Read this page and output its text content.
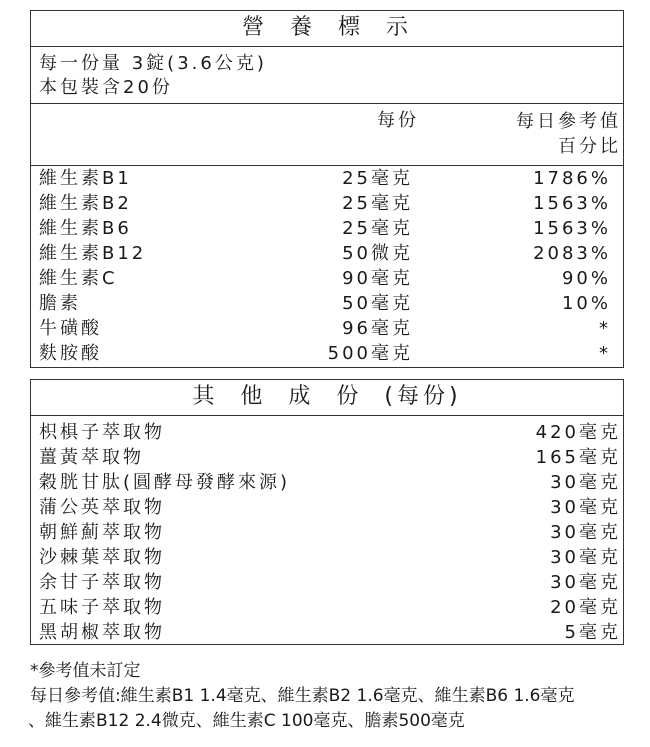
營  養  標  示
每一份量 3錠(3.6公克)
本包裝含20份
每份	每日參考值
百分比
維生素B1	25毫克	1786%
維生素B2	25毫克	1563%
維生素B6	25毫克	1563%
維生素B12	50微克	2083%
維生素C	90毫克	90%
膽素	50毫克	10%
牛磺酸	96毫克	*
麩胺酸	500毫克	*
其  他  成  份  (每份)
枳椇子萃取物	420毫克
薑黃萃取物	165毫克
穀胱甘肽(圓酵母發酵來源)	30毫克
蒲公英萃取物	30毫克
朝鮮薊萃取物	30毫克
沙棘葉萃取物	30毫克
余甘子萃取物	30毫克
五味子萃取物	20毫克
黑胡椒萃取物	5毫克
*參考值未訂定
每日參考值:維生素B1 1.4毫克、維生素B2 1.6毫克、維生素B6 1.6毫克
、維生素B12 2.4微克、維生素C 100毫克、膽素500毫克
